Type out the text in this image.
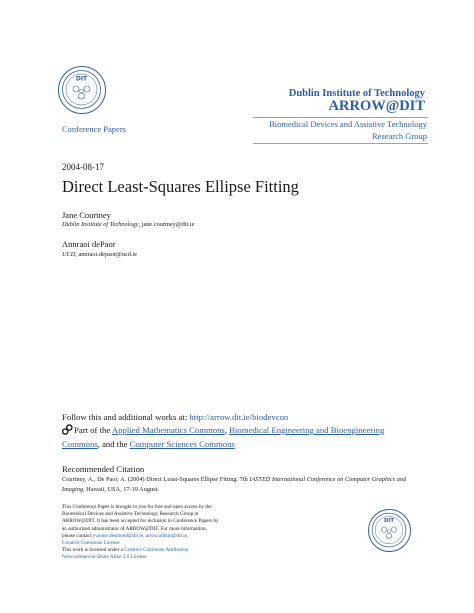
DIT
Dublin Institute of Technology
ARROW@DIT
Conference Papers	Biomedical Devices and Assistive Technology
Research Group
2004-08-17
Direct Least-Squares Ellipse Fitting
Jane Courtney
Dublin Institute of Technology, jane.courtney@dit.ie
Annraoi dePaor
UCD, annraoi.depaor@ucd.ie
Follow this and additional works at: http://arrow.dit.ie/biodevcon
Part of the Applied Mathematics Commons, Biomedical Engineering and Bioengineering
Commons, and the Computer Sciences Commons
Recommended Citation
Courtney, A., De Paor, A. (2004) Direct Least-Squares Ellipse Fitting. 7th IASTED International Conference on Computer Graphics and
Imaging, Hawaii, USA, 17-19 August.
This Conference Paper is brought to you for free and open access by the
Biomedical Devices and Assistive Technology Research Group at
ARROW@DIT. It has been accepted for inclusion in Conference Papers by
an authorized administrator of ARROW@DIT. For more information,
please contact yvonne.desmond@dit.ie, arrow.admin@dit.ie,
Creative Commons License
This work is licensed under a Creative Commons Attribution
Noncommercial-Share Alike 3.0 License
DIT
